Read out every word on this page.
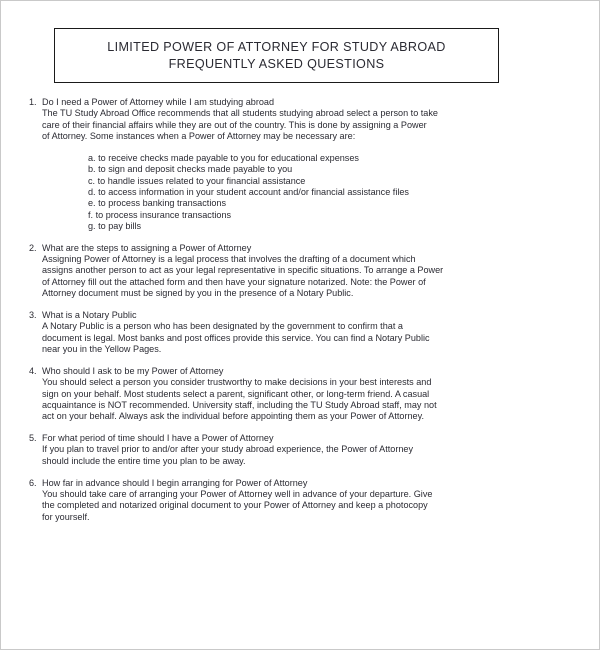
LIMITED POWER OF ATTORNEY FOR STUDY ABROAD
FREQUENTLY ASKED QUESTIONS
1. Do I need a Power of Attorney while I am studying abroad
The TU Study Abroad Office recommends that all students studying abroad select a person to take
care of their financial affairs while they are out of the country. This is done by assigning a Power
of Attorney. Some instances when a Power of Attorney may be necessary are:
a. to receive checks made payable to you for educational expenses
b. to sign and deposit checks made payable to you
c. to handle issues related to your financial assistance
d. to access information in your student account and/or financial assistance files
e. to process banking transactions
f. to process insurance transactions
g. to pay bills
2. What are the steps to assigning a Power of Attorney
Assigning Power of Attorney is a legal process that involves the drafting of a document which
assigns another person to act as your legal representative in specific situations. To arrange a Power
of Attorney fill out the attached form and then have your signature notarized. Note: the Power of
Attorney document must be signed by you in the presence of a Notary Public.
3. What is a Notary Public
A Notary Public is a person who has been designated by the government to confirm that a
document is legal. Most banks and post offices provide this service. You can find a Notary Public
near you in the Yellow Pages.
4. Who should I ask to be my Power of Attorney
You should select a person you consider trustworthy to make decisions in your best interests and
sign on your behalf. Most students select a parent, significant other, or long-term friend. A casual
acquaintance is NOT recommended. University staff, including the TU Study Abroad staff, may not
act on your behalf. Always ask the individual before appointing them as your Power of Attorney.
5. For what period of time should I have a Power of Attorney
If you plan to travel prior to and/or after your study abroad experience, the Power of Attorney
should include the entire time you plan to be away.
6. How far in advance should I begin arranging for Power of Attorney
You should take care of arranging your Power of Attorney well in advance of your departure. Give
the completed and notarized original document to your Power of Attorney and keep a photocopy
for yourself.
